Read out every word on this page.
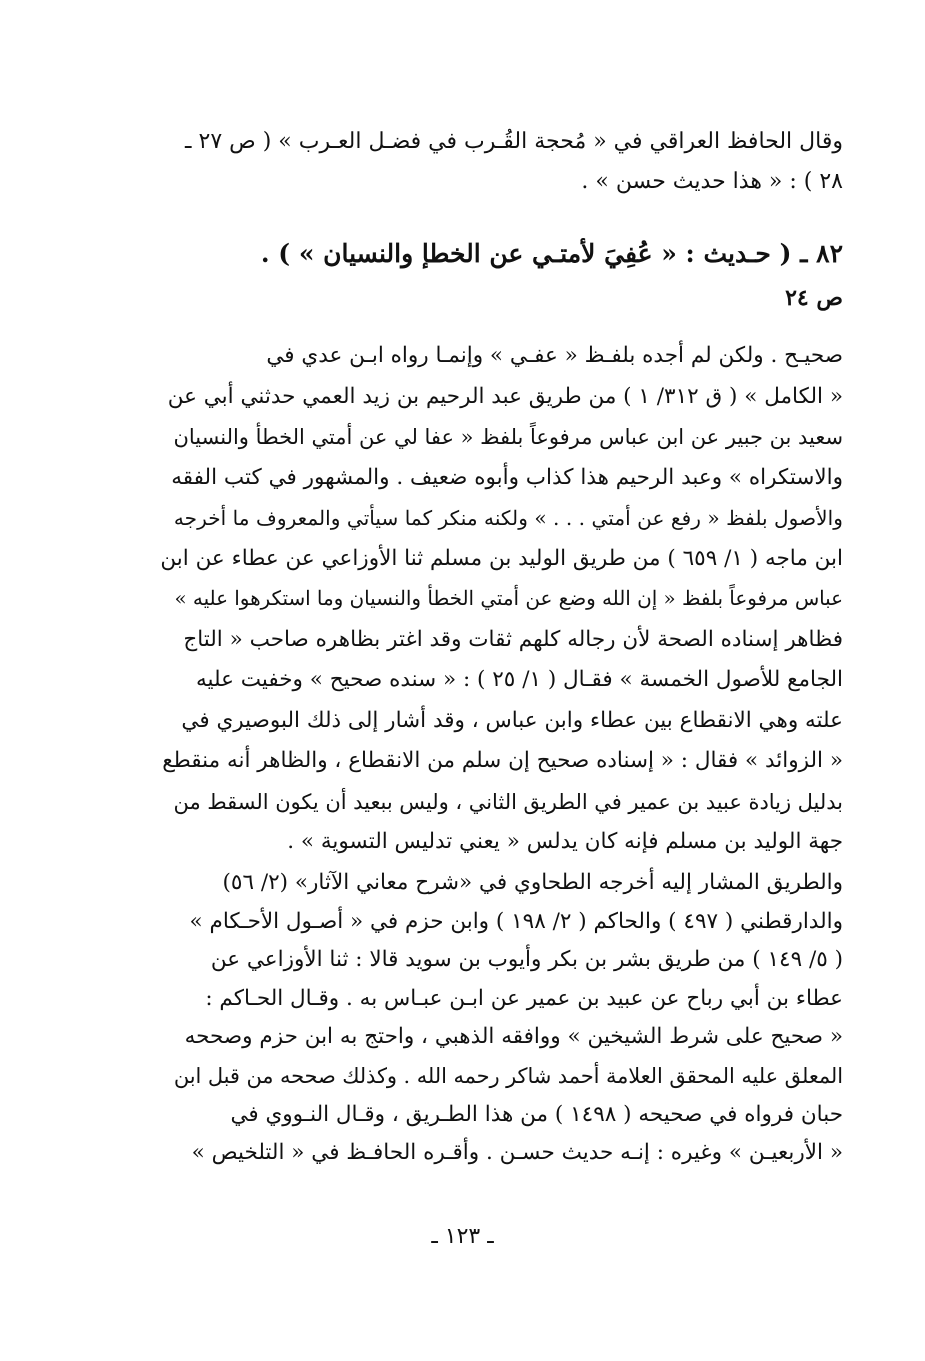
وقال الحافظ العراقي في « مُحجة القُـرب في فضـل العـرب » ( ص ٢٧ ـ
٢٨ ) : « هذا حديث حسن » .
٨٢ ـ ( حـديث : « عُفِيَ لأمتـي عن الخطإ والنسيان » ) .
ص ٢٤
صحيـح . ولكن لم أجده بلفـظ « عفـي » وإنمـا رواه ابـن عدي في
« الكامل » ( ق ٣١٢/ ١ ) من طريق عبد الرحيم بن زيد العمي حدثني أبي عن
سعيد بن جبير عن ابن عباس مرفوعاً بلفظ « عفا لي عن أمتي الخطأ والنسيان
والاستكراه » وعبد الرحيم هذا كذاب وأبوه ضعيف . والمشهور في كتب الفقه
والأصول بلفظ « رفع عن أمتي . . . » ولكنه منكر كما سيأتي والمعروف ما أخرجه
ابن ماجه ( ١/ ٦٥٩ ) من طريق الوليد بن مسلم ثنا الأوزاعي عن عطاء عن ابن
عباس مرفوعاً بلفظ « إن الله وضع عن أمتي الخطأ والنسيان وما استكرهوا عليه »
فظاهر إسناده الصحة لأن رجاله كلهم ثقات وقد اغتر بظاهره صاحب « التاج
الجامع للأصول الخمسة » فقـال ( ١/ ٢٥ ) : « سنده صحيح » وخفيت عليه
علته وهي الانقطاع بين عطاء وابن عباس ، وقد أشار إلى ذلك البوصيري في
« الزوائد » فقال : « إسناده صحيح إن سلم من الانقطاع ، والظاهر أنه منقطع
بدليل زيادة عبيد بن عمير في الطريق الثاني ، وليس ببعيد أن يكون السقط من
جهة الوليد بن مسلم فإنه كان يدلس « يعني تدليس التسوية » .
والطريق المشار إليه أخرجه الطحاوي في «شرح معاني الآثار» (٢/ ٥٦)
والدارقطني ( ٤٩٧ ) والحاكم ( ٢/ ١٩٨ ) وابن حزم في « أصـول الأحـكام »
( ٥/ ١٤٩ ) من طريق بشر بن بكر وأيوب بن سويد قالا : ثنا الأوزاعي عن
عطاء بن أبي رباح عن عبيد بن عمير عن ابـن عبـاس به . وقـال الحـاكم :
« صحيح على شرط الشيخين » ووافقه الذهبي ، واحتج به ابن حزم وصححه
المعلق عليه المحقق العلامة أحمد شاكر رحمه الله . وكذلك صححه من قبل ابن
حبان فرواه في صحيحه ( ١٤٩٨ ) من هذا الطـريق ، وقـال النـووي في
« الأربعيـن » وغيره : إنـه حديث حسـن . وأقـره الحافـظ في « التلخيص »
ـ ١٢٣ ـ
